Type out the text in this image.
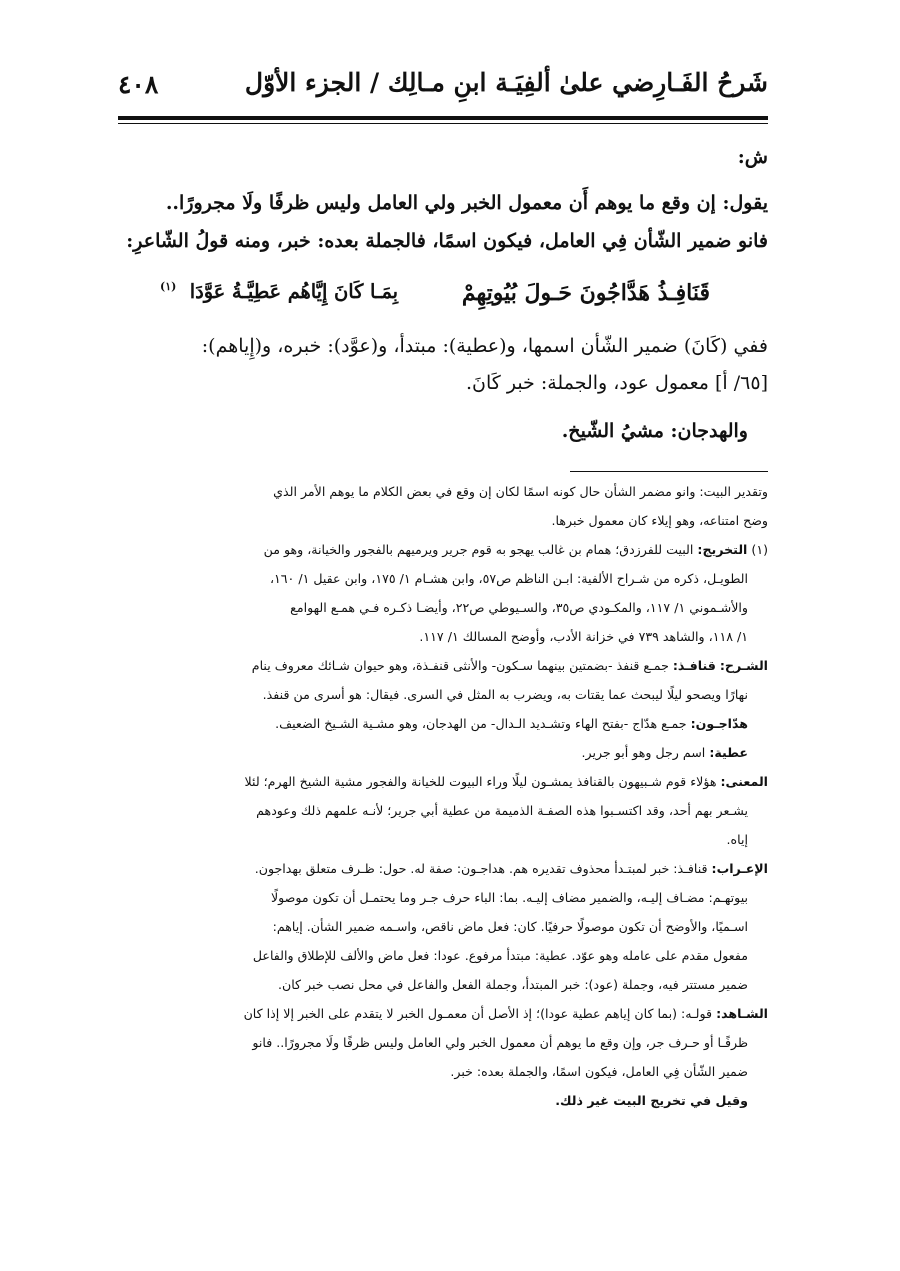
شَرحُ الفَـارِضي علىٰ ألفِيَـة ابنِ مـالِك / الجزء الأوّل
٤٠٨
ش:
يقول: إن وقع ما يوهم أَن معمول الخبر ولي العامل وليس ظرفًا ولَا مجرورًا..
فانو ضمير الشّأن فِي العامل، فيكون اسمًا، فالجملة بعده: خبر، ومنه قولُ الشّاعرِ:
قَنَافِـذُ هَدَّاجُونَ حَـولَ بُيُوتِهِمْ
بِمَـا كَانَ إِيَّاهُم عَطِيَّـةُ عَوَّدَا
(١)
ففي (كَانَ) ضمير الشّأن اسمها، و(عطية): مبتدأ، و(عوَّد): خبره، و(إِياهم):
[٦٥/ أ] معمول عود، والجملة: خبر كَانَ.
والهدجان: مشيُ الشّيخ.
وتقدير البيت: وانو مضمر الشأن حال كونه اسمًا لكان إن وقع في بعض الكلام ما يوهم الأمر الذي
وضح امتناعه، وهو إيلاء كان معمول خبرها.
(١) التخريج: البيت للفرزدق؛ همام بن غالب يهجو به قوم جرير ويرميهم بالفجور والخيانة، وهو من
الطويـل، ذكره من شـراح الألفية: ابـن الناظم ص٥٧، وابن هشـام ١/ ١٧٥، وابن عقيل ١/ ١٦٠،
والأشـموني ١/ ١١٧، والمكـودي ص٣٥، والسـيوطي ص٢٢، وأيضـا ذكـره فـي همـع الهوامع
١/ ١١٨، والشاهد ٧٣٩ في خزانة الأدب، وأوضح المسالك ١/ ١١٧.
الشـرح: قنافـذ: جمـع قنفذ -بضمتين بينهما سـكون- والأنثى قنفـذة، وهو حيوان شـائك معروف ينام
نهارًا ويصحو ليلًا ليبحث عما يقتات به، ويضرب به المثل في السرى. فيقال: هو أسرى من قنفذ.
هدّاجـون: جمـع هدّاج -بفتح الهاء وتشـديد الـدال- من الهدجان، وهو مشـية الشـيخ الضعيف.
عطية: اسم رجل وهو أبو جرير.
المعنى: هؤلاء قوم شـبيهون بالقنافذ يمشـون ليلًا وراء البيوت للخيانة والفجور مشية الشيخ الهرم؛ لئلا
يشـعر بهم أحد، وقد اكتسـبوا هذه الصفـة الذميمة من عطية أبي جرير؛ لأنـه علمهم ذلك وعودهم
إياه.
الإعـراب: قنافـذ: خبر لمبتـدأ محذوف تقديره هم. هداجـون: صفة له. حول: ظـرف متعلق بهداجون.
بيوتهـم: مضـاف إليـه، والضمير مضاف إليـه. بما: الباء حرف جـر وما يحتمـل أن تكون موصولًا
اسـميًا، والأوضح أن تكون موصولًا حرفيًا. كان: فعل ماض ناقص، واسـمه ضمير الشأن. إياهم:
مفعول مقدم على عامله وهو عوّد. عطية: مبتدأ مرفوع. عودا: فعل ماض والألف للإطلاق والفاعل
ضمير مستتر فيه، وجملة (عود): خبر المبتدأ، وجملة الفعل والفاعل في محل نصب خبر كان.
الشـاهد: قولـه: (بما كان إياهم عطية عودا)؛ إذ الأصل أن معمـول الخبر لا يتقدم على الخبر إلا إذا كان
ظرفًـا أو حـرف جر، وإن وقع ما يوهم أن معمول الخبر ولي العامل وليس ظرفًا ولَا مجرورًا.. فانو
ضمير الشّأن فِي العامل، فيكون اسمًا، والجملة بعده: خبر.
وقيل في تخريج البيت غير ذلك.
